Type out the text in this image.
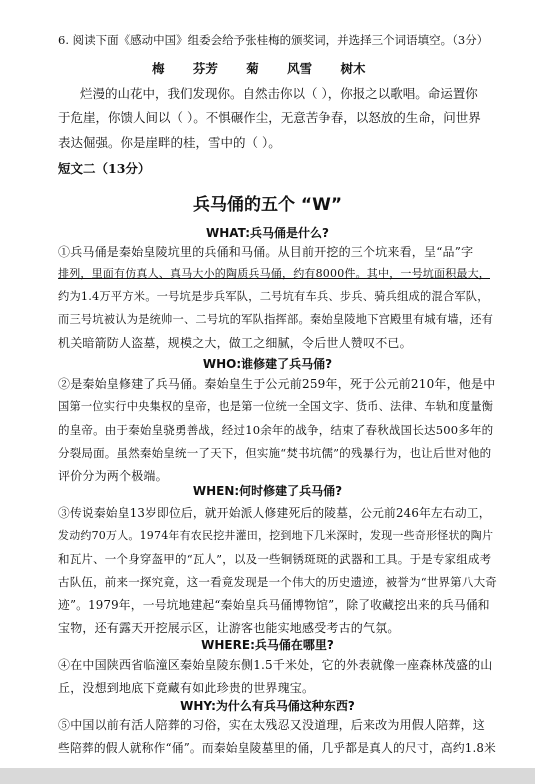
6. 阅读下面《感动中国》组委会给予张桂梅的颁奖词，并选择三个词语填空。（3分）
梅 芬芳 菊 风雪 树木
烂漫的山花中，我们发现你。自然击你以（ ），你报之以歌唱。命运置你
于危崖，你馈人间以（ ）。不惧碾作尘，无意苦争春，以怒放的生命，问世界
表达倔强。你是崖畔的桂，雪中的（ ）。
短文二（13分）
兵马俑的五个 “W”
WHAT:兵马俑是什么?
①兵马俑是秦始皇陵坑里的兵俑和马俑。从目前开挖的三个坑来看，呈“品”字
排列，里面有仿真人、真马大小的陶质兵马俑，约有8000件。其中，一号坑面积最大，
约为1.4万平方米。一号坑是步兵军队，二号坑有车兵、步兵、骑兵组成的混合军队，
而三号坑被认为是统帅一、二号坑的军队指挥部。秦始皇陵地下宫殿里有城有墙，还有
机关暗箭防人盗墓，规模之大，做工之细腻，令后世人赞叹不已。
WHO:谁修建了兵马俑?
②是秦始皇修建了兵马俑。秦始皇生于公元前259年，死于公元前210年，他是中
国第一位实行中央集权的皇帝，也是第一位统一全国文字、货币、法律、车轨和度量衡
的皇帝。由于秦始皇骁勇善战，经过10余年的战争，结束了春秋战国长达500多年的
分裂局面。虽然秦始皇统一了天下，但实施“焚书坑儒”的残暴行为，也让后世对他的
评价分为两个极端。
WHEN:何时修建了兵马俑?
③传说秦始皇13岁即位后，就开始派人修建死后的陵墓，公元前246年左右动工，
发动约70万人。1974年有农民挖井灌田，挖到地下几米深时，发现一些奇形怪状的陶片
和瓦片、一个身穿盔甲的“瓦人”，以及一些铜锈斑斑的武器和工具。于是专家组成考
古队伍，前来一探究竟，这一看竟发现是一个伟大的历史遗迹，被誉为“世界第八大奇
迹”。1979年，一号坑地建起“秦始皇兵马俑博物馆”，除了收藏挖出来的兵马俑和
宝物，还有露天开挖展示区，让游客也能实地感受考古的气氛。
WHERE:兵马俑在哪里?
④在中国陕西省临潼区秦始皇陵东侧1.5千米处，它的外表就像一座森林茂盛的山
丘，没想到地底下竟藏有如此珍贵的世界瑰宝。
WHY:为什么有兵马俑这种东西?
⑤中国以前有活人陪葬的习俗，实在太残忍又没道理，后来改为用假人陪葬，这
些陪葬的假人就称作“俑”。而秦始皇陵墓里的俑，几乎都是真人的尺寸，高约1.8米
